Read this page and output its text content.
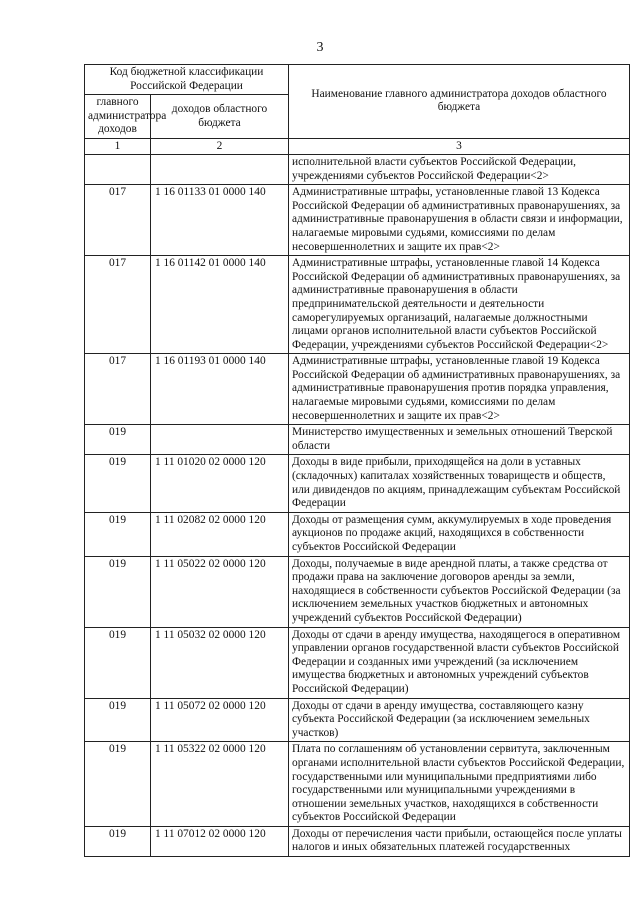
3
Код бюджетной классификации Российской Федерации		Наименование главного администратора доходов областного бюджета
главного администратора доходов	доходов областного бюджета	
1	2	3
		исполнительной власти субъектов Российской Федерации, учреждениями субъектов Российской Федерации<2>
017	1 16 01133 01 0000 140	Административные штрафы, установленные главой 13 Кодекса Российской Федерации об административных правонарушениях, за административные правонарушения в области связи и информации, налагаемые мировыми судьями, комиссиями по делам несовершеннолетних и защите их прав<2>
017	1 16 01142 01 0000 140	Административные штрафы, установленные главой 14 Кодекса Российской Федерации об административных правонарушениях, за административные правонарушения в области предпринимательской деятельности и деятельности саморегулируемых организаций, налагаемые должностными лицами органов исполнительной власти субъектов Российской Федерации, учреждениями субъектов Российской Федерации<2>
017	1 16 01193 01 0000 140	Административные штрафы, установленные главой 19 Кодекса Российской Федерации об административных правонарушениях, за административные правонарушения против порядка управления, налагаемые мировыми судьями, комиссиями по делам несовершеннолетних и защите их прав<2>
019		Министерство имущественных и земельных отношений Тверской области
019	1 11 01020 02 0000 120	Доходы в виде прибыли, приходящейся на доли в уставных (складочных) капиталах хозяйственных товариществ и обществ, или дивидендов по акциям, принадлежащим субъектам Российской Федерации
019	1 11 02082 02 0000 120	Доходы от размещения сумм, аккумулируемых в ходе проведения аукционов по продаже акций, находящихся в собственности субъектов Российской Федерации
019	1 11 05022 02 0000 120	Доходы, получаемые в виде арендной платы, а также средства от продажи права на заключение договоров аренды за земли, находящиеся в собственности субъектов Российской Федерации (за исключением земельных участков бюджетных и автономных учреждений субъектов Российской Федерации)
019	1 11 05032 02 0000 120	Доходы от сдачи в аренду имущества, находящегося в оперативном управлении органов государственной власти субъектов Российской Федерации и созданных ими учреждений (за исключением имущества бюджетных и автономных учреждений субъектов Российской Федерации)
019	1 11 05072 02 0000 120	Доходы от сдачи в аренду имущества, составляющего казну субъекта Российской Федерации (за исключением земельных участков)
019	1 11 05322 02 0000 120	Плата по соглашениям об установлении сервитута, заключенным органами исполнительной власти субъектов Российской Федерации, государственными или муниципальными предприятиями либо государственными или муниципальными учреждениями в отношении земельных участков, находящихся в собственности субъектов Российской Федерации
019	1 11 07012 02 0000 120	Доходы от перечисления части прибыли, остающейся после уплаты налогов и иных обязательных платежей государственных
